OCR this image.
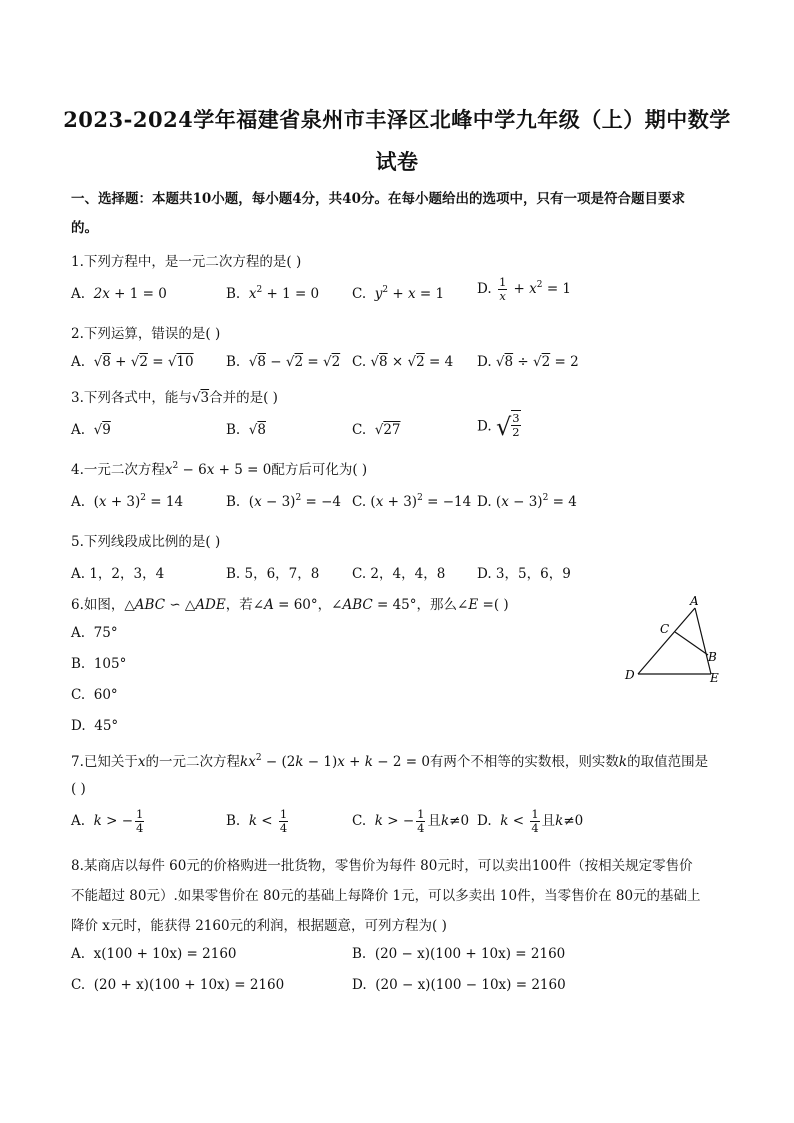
2023-2024学年福建省泉州市丰泽区北峰中学九年级（上）期中数学
试卷
一、选择题：本题共10小题，每小题4分，共40分。在每小题给出的选项中，只有一项是符合题目要求
的。
1.下列方程中，是一元二次方程的是( )
A. 2x + 1 = 0	B. $x^2 + 1 = 0$ C. $y^2 + x = 1$ D. $\frac{1}{x} + x^2 = 1$
2.下列运算，错误的是( )
A.  √8 + √2 = √10 B.  √8 − √2 = √2 C. √8 × √2 = 4 D. √8 ÷ √2 = 2
3.下列各式中，能与√3合并的是( )
A.  √9	B.  √8	C.  √27	D. √ $\frac{3}{2}$
4.一元二次方程$x^2 - 6x + 5 = 0$配方后可化为( )
A.  $(x + 3)^2 = 14$	B.  $(x - 3)^2 = -4$ C. $(x + 3)^2 = -14$ D. $(x - 3)^2 = 4$
5.下列线段成比例的是( )
A. 1，2，3，4	B. 5，6，7，8 C. 2，4，4，8 D. 3，5，6，9
6.如图，△ABC ∽ △ADE，若∠A = 60°，∠ABC = 45°，那么∠E =( )
A. 75°
B. 105°
C. 60°
D. 45°
A
C
B
D	E
7.已知关于x的一元二次方程$kx^2 - (2k - 1)x + k - 2 = 0$有两个不相等的实数根，则实数k的取值范围是
( )
A. k > − $\frac{1}{4}$	B. $k < \frac{1}{4}$	C. k > − $\frac{1}{4}$ 且k≠0 D. $k < \frac{1}{4}$ 且k≠0
8.某商店以每件 60元的价格购进一批货物，零售价为每件 80元时，可以卖出100件（按相关规定零售价
不能超过 80元）.如果零售价在 80元的基础上每降价 1元，可以多卖出 10件，当零售价在 80元的基础上
降价 x元时，能获得 2160元的利润，根据题意，可列方程为( )
A. x(100 + 10x) = 2160	B. (20 − x)(100 + 10x) = 2160
C. (20 + x)(100 + 10x) = 2160	D. (20 − x)(100 − 10x) = 2160
